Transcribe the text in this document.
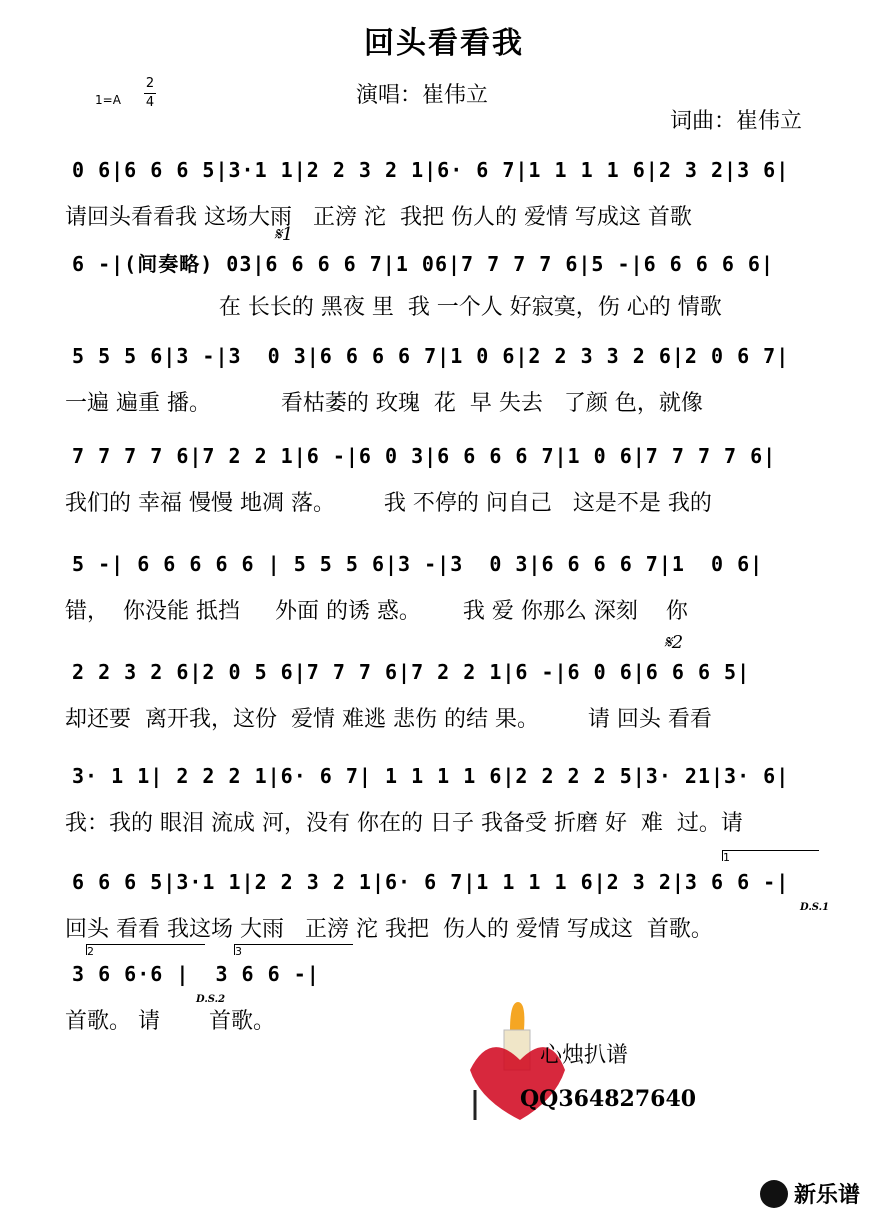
回头看看我
演唱：崔伟立
词曲：崔伟立
1=A
2
4
0 6|6 6 6 5|3·1 1|2 2 3 2 1|6· 6 7|1 1 1 1 6|2 3 2|3 6|
请回头看看我 这场大雨   正滂 沱  我把 伤人的 爱情 写成这 首歌
𝄋1
6 -|(间奏略) 03|6 6 6 6 7|1 06|7 7 7 7 6|5 -|6 6 6 6 6|
在 长长的 黑夜 里  我 一个人 好寂寞，伤 心的 情歌
5 5 5 6|3 -|3  0 3|6 6 6 6 7|1 0 6|2 2 3 3 2 6|2 0 6 7|
一遍 遍重 播。          看枯萎的 玫瑰  花  早 失去   了颜 色，就像
7 7 7 7 6|7 2 2 1|6 -|6 0 3|6 6 6 6 7|1 0 6|7 7 7 7 6|
我们的 幸福 慢慢 地凋 落。       我 不停的 问自己   这是不是 我的
5 -| 6 6 6 6 6 | 5 5 5 6|3 -|3  0 3|6 6 6 6 7|1  0 6|
错，  你没能 抵挡     外面 的诱 惑。      我 爱 你那么 深刻    你
𝄋2
2 2 3 2 6|2 0 5 6|7 7 7 6|7 2 2 1|6 -|6 0 6|6 6 6 5|
却还要  离开我，这份  爱情 难逃 悲伤 的结 果。       请 回头 看看
3· 1 1| 2 2 2 1|6· 6 7| 1 1 1 1 6|2 2 2 2 5|3· 21|3· 6|
我：我的 眼泪 流成 河，没有 你在的 日子 我备受 折磨 好  难  过。请
1
6 6 6 5|3·1 1|2 2 3 2 1|6· 6 7|1 1 1 1 6|2 3 2|3 6 6 -|
D.S.1
回头 看看 我这场 大雨   正滂 沱 我把  伤人的 爱情 写成这  首歌。
2	3
3 6 6·6 |  3 6 6 -|
D.S.2
首歌。 请       首歌。
心烛扒谱
QQ364827640
新乐谱
